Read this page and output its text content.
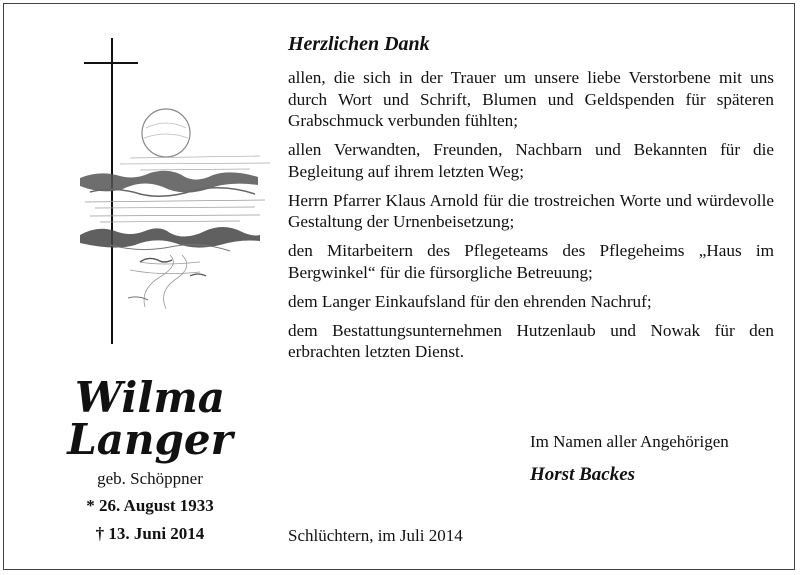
Wilma
Langer
geb. Schöppner
* 26. August 1933
† 13. Juni 2014
Herzlichen Dank

allen, die sich in der Trauer um unsere liebe Verstorbene mit uns durch Wort und Schrift, Blumen und Geldspenden für späteren Grabschmuck verbunden fühlten;

allen Verwandten, Freunden, Nachbarn und Bekannten für die Begleitung auf ihrem letzten Weg;

Herrn Pfarrer Klaus Arnold für die trostreichen Worte und würdevolle Gestaltung der Urnenbeisetzung;

den Mitarbeitern des Pflegeteams des Pflegeheims „Haus im Bergwinkel“ für die fürsorgliche Betreuung;

dem Langer Einkaufsland für den ehrenden Nachruf;

dem Bestattungsunternehmen Hutzenlaub und Nowak für den erbrachten letzten Dienst.

Im Namen aller Angehörigen
Horst Backes
Schlüchtern, im Juli 2014
